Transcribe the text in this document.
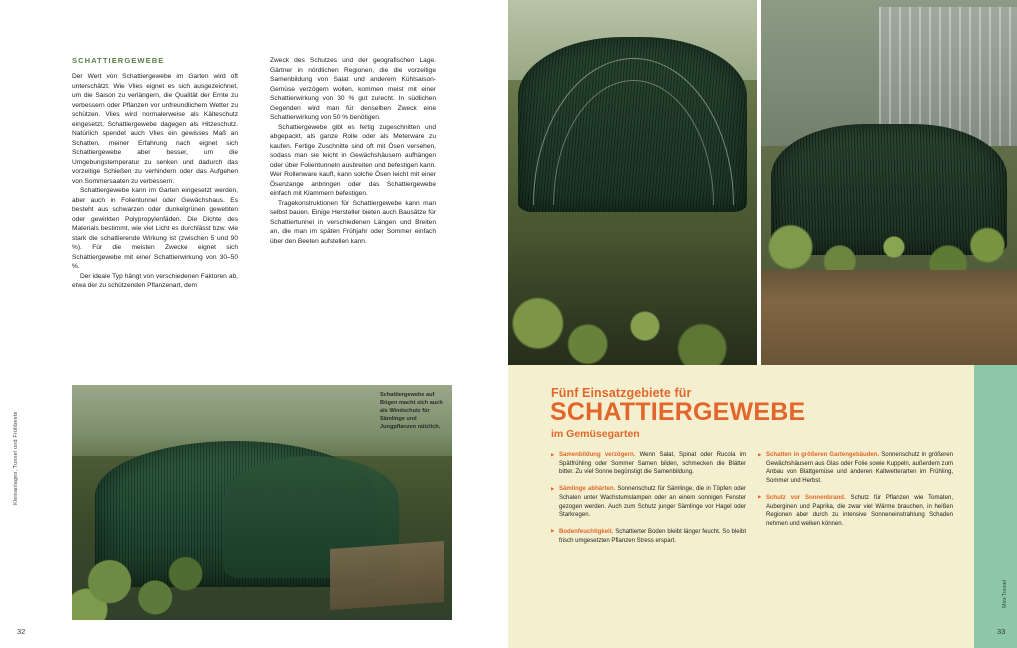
Kleinanlagen, Tunnel und Frühbeete
32
SCHATTIERGEWEBE

Der Wert von Schattiergewebe im Garten wird oft unterschätzt. Wie Vlies eignet es sich ausgezeichnet, um die Saison zu verlängern, die Qualität der Ernte zu verbessern oder Pflanzen vor unfreundlichem Wetter zu schützen. Vlies wird normalerweise als Kälteschutz eingesetzt, Schattiergewebe dagegen als Hitzeschutz. Natürlich spendet auch Vlies ein gewisses Maß an Schatten, meiner Erfahrung nach eignet sich Schattiergewebe aber besser, um die Umgebungstemperatur zu senken und dadurch das vorzeitige Schießen zu verhindern oder das Aufgehen von Sommersaaten zu verbessern.

Schattiergewebe kann im Garten eingesetzt werden, aber auch in Folientunnel oder Gewächshaus. Es besteht aus schwarzen oder dunkelgrünen gewebten oder gewirkten Polypropylenfäden. Die Dichte des Materials bestimmt, wie viel Licht es durchlässt bzw. wie stark die schattierende Wirkung ist (zwischen 5 und 90 %). Für die meisten Zwecke eignet sich Schattiergewebe mit einer Schattierwirkung von 30–50 %.

Der ideale Typ hängt von verschiedenen Faktoren ab, etwa der zu schützenden Pflanzenart, dem

Zweck des Schutzes und der geografischen Lage. Gärtner in nördlichen Regionen, die die vorzeitige Samenbildung von Salat und anderem Kühlsaison-Gemüse verzögern wollen, kommen meist mit einer Schattierwirkung von 30 % gut zurecht. In südlichen Gegenden wird man für denselben Zweck eine Schattierwirkung von 50 % benötigen.

Schattiergewebe gibt es fertig zugeschnitten und abgepackt, als ganze Rolle oder als Meterware zu kaufen. Fertige Zuschnitte sind oft mit Ösen versehen, sodass man sie leicht in Gewächshäusern aufhängen oder über Folientunneln ausbreiten und befestigen kann. Wer Rollenware kauft, kann solche Ösen leicht mit einer Ösenzange anbringen oder das Schattiergewebe einfach mit Klammern befestigen.

Tragekonstruktionen für Schattiergewebe kann man selbst bauen. Einige Hersteller bieten auch Bausätze für Schattiertunnel in verschiedenen Längen und Breiten an, die man im späten Frühjahr oder Sommer einfach über den Beeten aufstellen kann.

Schattiergewebe auf Bögen macht sich auch als Windschutz für Sämlinge und Jungpflanzen nützlich.
Fünf Einsatzgebiete für
SCHATTIERGEWEBE
im Gemüsegarten
▶ Samenbildung verzögern. Wenn Salat, Spinat oder Rucola im Spätfrühling oder Sommer Samen bilden, schmecken die Blätter bitter. Zu viel Sonne begünstigt die Samenbildung.
▶ Sämlinge abhärten. Sonnenschutz für Sämlinge, die in Töpfen oder Schalen unter Wachstumslampen oder an einem sonnigen Fenster gezogen werden. Auch zum Schutz junger Sämlinge vor Hagel oder Starkregen.
▶ Bodenfeuchtigkeit. Schattierter Boden bleibt länger feucht. So bleibt frisch umgesetzten Pflanzen Stress erspart.
▶ Schatten in größeren Gartengebäuden. Sonnenschutz in größeren Gewächshäusern aus Glas oder Folie sowie Kuppeln, außerdem zum Anbau von Blattgemüse und anderen Kaltwetterarten im Frühling, Sommer und Herbst.
▶ Schutz vor Sonnenbrand. Schutz für Pflanzen wie Tomaten, Auberginen und Paprika, die zwar viel Wärme brauchen, in heißen Regionen aber durch zu intensive Sonneneinstrahlung Schaden nehmen und welken können.
Mini-Tunnel
33
